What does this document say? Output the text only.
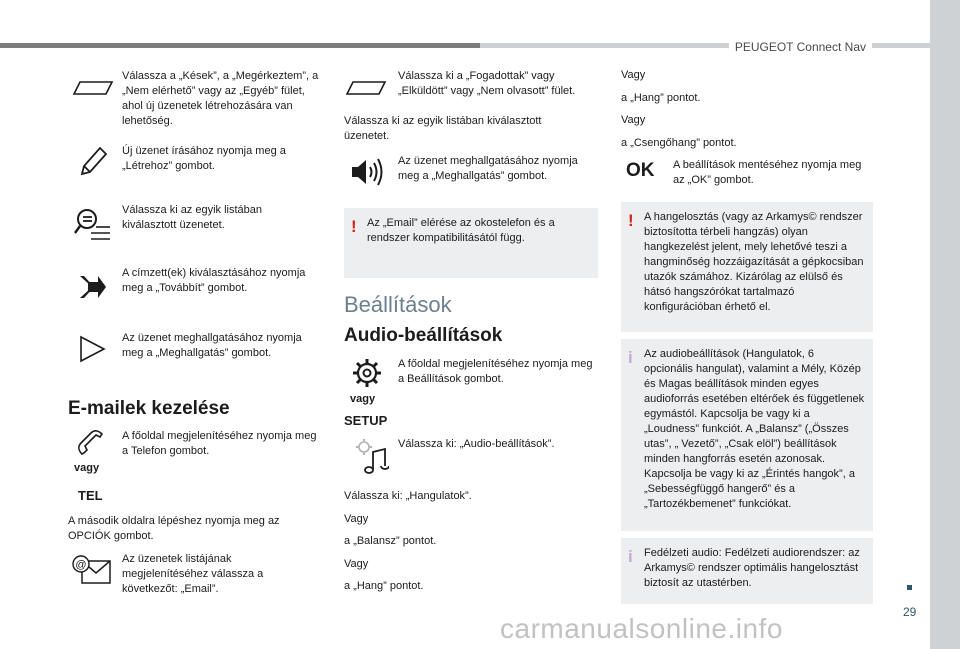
PEUGEOT Connect Nav
29
carmanualsonline.info
Válassza a „Kések”, a „Megérkeztem”, a „Nem elérhető” vagy az „Egyéb” fület, ahol új üzenetek létrehozására van lehetőség.
Új üzenet írásához nyomja meg a „Létrehoz” gombot.
Válassza ki az egyik listában kiválasztott üzenetet.
A címzett(ek) kiválasztásához nyomja meg a „Továbbít” gombot.
Az üzenet meghallgatásához nyomja meg a „Meghallgatás” gombot.
E-mailek kezelése
vagy
TEL
A főoldal megjelenítéséhez nyomja meg a Telefon gombot.
A második oldalra lépéshez nyomja meg az OPCIÓK gombot.
@	Az üzenetek listájának megjelenítéséhez válassza a következőt: „Email”.
Válassza ki a „Fogadottak” vagy „Elküldött” vagy „Nem olvasott” fület.
Válassza ki az egyik listában kiválasztott üzenetet.
Az üzenet meghallgatásához nyomja meg a „Meghallgatás” gombot.
! Az „Email” elérése az okostelefon és a rendszer kompatibilitásától függ.
Beállítások
Audio-beállítások
vagy
SETUP
A főoldal megjelenítéséhez nyomja meg a Beállítások gombot.
Válassza ki: „Audio-beállítások”.
Válassza ki: „Hangulatok”.
Vagy
a „Balansz” pontot.
Vagy
a „Hang” pontot.
Vagy
a „Hang” pontot.
Vagy
a „Csengőhang” pontot.
OK A beállítások mentéséhez nyomja meg az „OK” gombot.
! A hangelosztás (vagy az Arkamys© rendszer biztosította térbeli hangzás) olyan hangkezelést jelent, mely lehetővé teszi a hangminőség hozzáigazítását a gépkocsiban utazók számához. Kizárólag az elülső és hátsó hangszórókat tartalmazó konfigurációban érhető el.
i Az audiobeállítások (Hangulatok, 6 opcionális hangulat), valamint a Mély, Közép és Magas beállítások minden egyes audioforrás esetében eltérőek és függetlenek egymástól. Kapcsolja be vagy ki a „Loudness” funkciót. A „Balansz” („Összes utas”, „ Vezető”, „Csak elöl”) beállítások minden hangforrás esetén azonosak. Kapcsolja be vagy ki az „Érintés hangok”, a „Sebességfüggő hangerő” és a „Tartozékbemenet” funkciókat.
i Fedélzeti audio: Fedélzeti audiorendszer: az Arkamys© rendszer optimális hangelosztást biztosít az utastérben.
